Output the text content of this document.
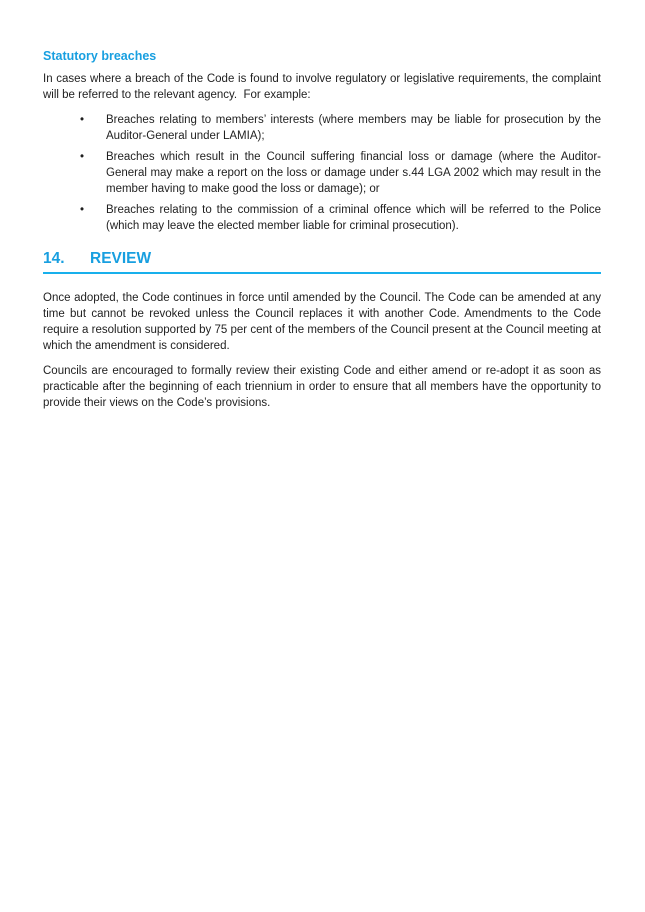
Statutory breaches

In cases where a breach of the Code is found to involve regulatory or legislative requirements, the complaint will be referred to the relevant agency.  For example:

•	Breaches relating to members’ interests (where members may be liable for prosecution by the Auditor-General under LAMIA);
•	Breaches which result in the Council suffering financial loss or damage (where the Auditor-General may make a report on the loss or damage under s.44 LGA 2002 which may result in the member having to make good the loss or damage); or
•	Breaches relating to the commission of a criminal offence which will be referred to the Police (which may leave the elected member liable for criminal prosecution).
14.	REVIEW

Once adopted, the Code continues in force until amended by the Council. The Code can be amended at any time but cannot be revoked unless the Council replaces it with another Code. Amendments to the Code require a resolution supported by 75 per cent of the members of the Council present at the Council meeting at which the amendment is considered.

Councils are encouraged to formally review their existing Code and either amend or re-adopt it as soon as practicable after the beginning of each triennium in order to ensure that all members have the opportunity to provide their views on the Code’s provisions.
